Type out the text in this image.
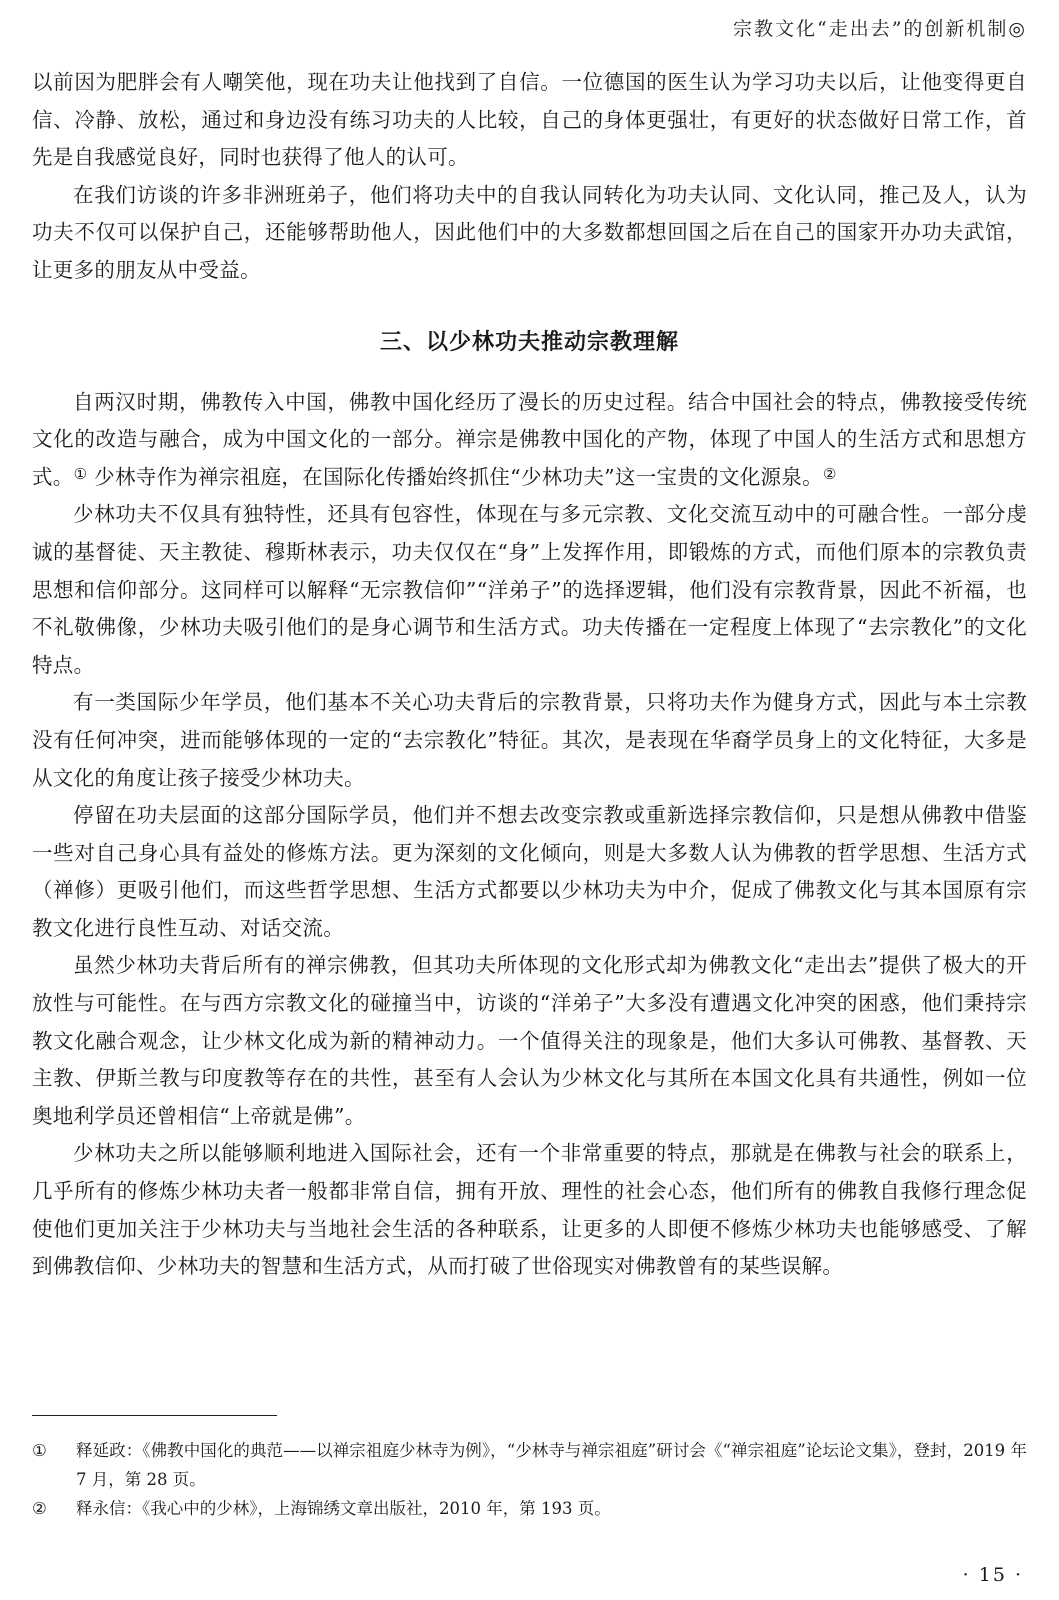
宗教文化“走出去”的创新机制◎

以前因为肥胖会有人嘲笑他，现在功夫让他找到了自信。一位德国的医生认为学习功夫以后，让他变得更自信、冷静、放松，通过和身边没有练习功夫的人比较，自己的身体更强壮，有更好的状态做好日常工作，首先是自我感觉良好，同时也获得了他人的认可。

在我们访谈的许多非洲班弟子，他们将功夫中的自我认同转化为功夫认同、文化认同，推己及人，认为功夫不仅可以保护自己，还能够帮助他人，因此他们中的大多数都想回国之后在自己的国家开办功夫武馆，让更多的朋友从中受益。

三、以少林功夫推动宗教理解

自两汉时期，佛教传入中国，佛教中国化经历了漫长的历史过程。结合中国社会的特点，佛教接受传统文化的改造与融合，成为中国文化的一部分。禅宗是佛教中国化的产物，体现了中国人的生活方式和思想方式。① 少林寺作为禅宗祖庭，在国际化传播始终抓住“少林功夫”这一宝贵的文化源泉。②

少林功夫不仅具有独特性，还具有包容性，体现在与多元宗教、文化交流互动中的可融合性。一部分虔诚的基督徒、天主教徒、穆斯林表示，功夫仅仅在“身”上发挥作用，即锻炼的方式，而他们原本的宗教负责思想和信仰部分。这同样可以解释“无宗教信仰”“洋弟子”的选择逻辑，他们没有宗教背景，因此不祈福，也不礼敬佛像，少林功夫吸引他们的是身心调节和生活方式。功夫传播在一定程度上体现了“去宗教化”的文化特点。

有一类国际少年学员，他们基本不关心功夫背后的宗教背景，只将功夫作为健身方式，因此与本土宗教没有任何冲突，进而能够体现的一定的“去宗教化”特征。其次，是表现在华裔学员身上的文化特征，大多是从文化的角度让孩子接受少林功夫。

停留在功夫层面的这部分国际学员，他们并不想去改变宗教或重新选择宗教信仰，只是想从佛教中借鉴一些对自己身心具有益处的修炼方法。更为深刻的文化倾向，则是大多数人认为佛教的哲学思想、生活方式（禅修）更吸引他们，而这些哲学思想、生活方式都要以少林功夫为中介，促成了佛教文化与其本国原有宗教文化进行良性互动、对话交流。

虽然少林功夫背后所有的禅宗佛教，但其功夫所体现的文化形式却为佛教文化“走出去”提供了极大的开放性与可能性。在与西方宗教文化的碰撞当中，访谈的“洋弟子”大多没有遭遇文化冲突的困惑，他们秉持宗教文化融合观念，让少林文化成为新的精神动力。一个值得关注的现象是，他们大多认可佛教、基督教、天主教、伊斯兰教与印度教等存在的共性，甚至有人会认为少林文化与其所在本国文化具有共通性，例如一位奥地利学员还曾相信“上帝就是佛”。

少林功夫之所以能够顺利地进入国际社会，还有一个非常重要的特点，那就是在佛教与社会的联系上，几乎所有的修炼少林功夫者一般都非常自信，拥有开放、理性的社会心态，他们所有的佛教自我修行理念促使他们更加关注于少林功夫与当地社会生活的各种联系，让更多的人即便不修炼少林功夫也能够感受、了解到佛教信仰、少林功夫的智慧和生活方式，从而打破了世俗现实对佛教曾有的某些误解。

① 释延政：《佛教中国化的典范——以禅宗祖庭少林寺为例》，“少林寺与禅宗祖庭”研讨会《“禅宗祖庭”论坛论文集》，登封，2019 年 7 月，第 28 页。
② 释永信：《我心中的少林》，上海锦绣文章出版社，2010 年，第 193 页。
· 15 ·
